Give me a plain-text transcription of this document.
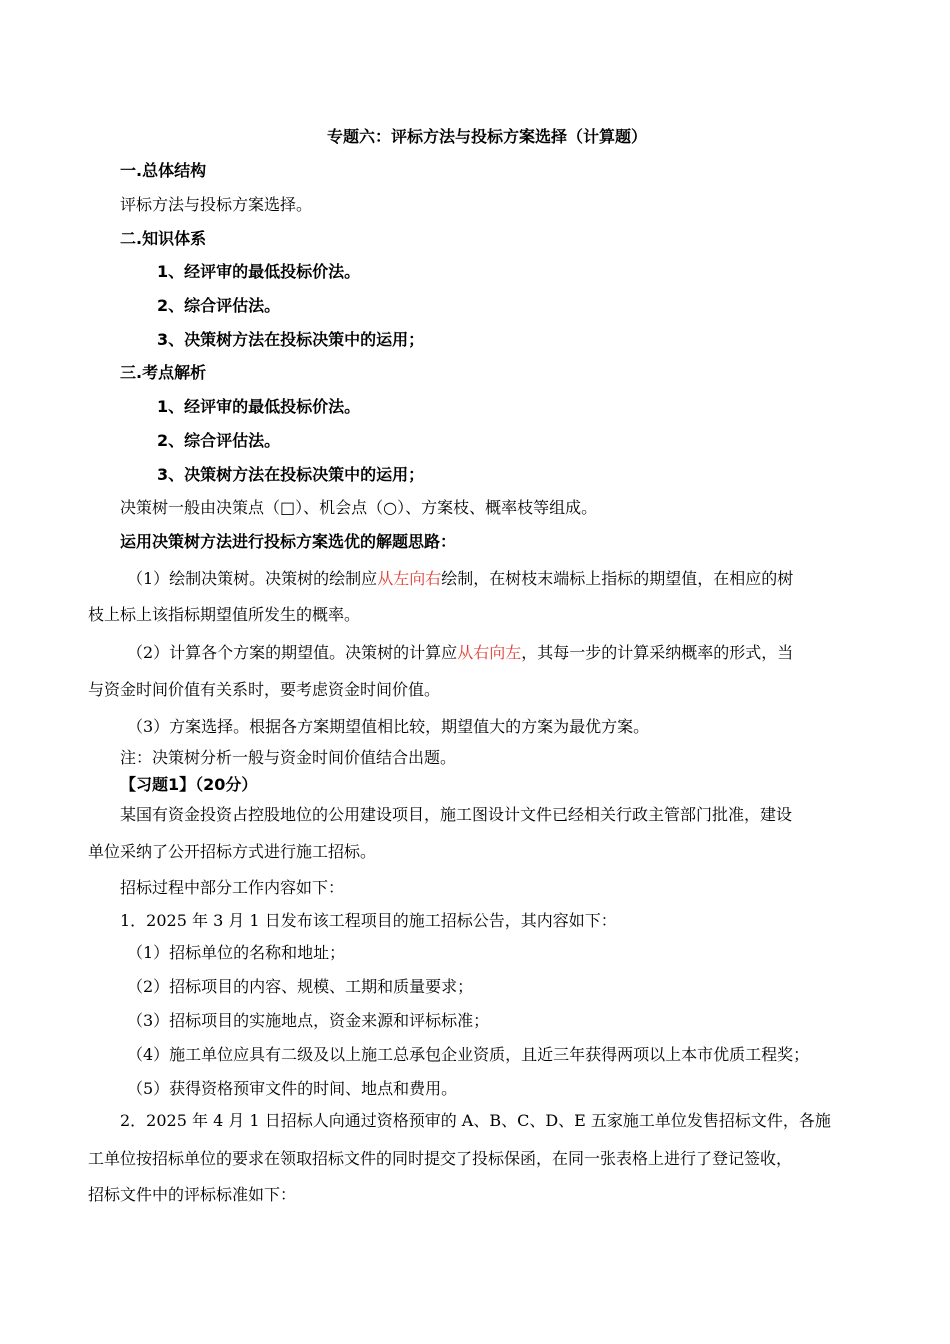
专题六：评标方法与投标方案选择（计算题）
一.总体结构
评标方法与投标方案选择。
二.知识体系
1、经评审的最低投标价法。
2、综合评估法。
3、决策树方法在投标决策中的运用；
三.考点解析
1、经评审的最低投标价法。
2、综合评估法。
3、决策树方法在投标决策中的运用；
决策树一般由决策点（□）、机会点（○）、方案枝、概率枝等组成。
运用决策树方法进行投标方案选优的解题思路：
（1）绘制决策树。决策树的绘制应从左向右绘制，在树枝末端标上指标的期望值，在相应的树
枝上标上该指标期望值所发生的概率。
（2）计算各个方案的期望值。决策树的计算应从右向左，其每一步的计算采纳概率的形式，当
与资金时间价值有关系时，要考虑资金时间价值。
（3）方案选择。根据各方案期望值相比较，期望值大的方案为最优方案。
注：决策树分析一般与资金时间价值结合出题。
【习题1】（20分）
某国有资金投资占控股地位的公用建设项目，施工图设计文件已经相关行政主管部门批准，建设
单位采纳了公开招标方式进行施工招标。
招标过程中部分工作内容如下：
1．2025 年 3 月 1 日发布该工程项目的施工招标公告，其内容如下：
（1）招标单位的名称和地址；
（2）招标项目的内容、规模、工期和质量要求；
（3）招标项目的实施地点，资金来源和评标标准；
（4）施工单位应具有二级及以上施工总承包企业资质，且近三年获得两项以上本市优质工程奖；
（5）获得资格预审文件的时间、地点和费用。
2．2025 年 4 月 1 日招标人向通过资格预审的 A、B、C、D、E 五家施工单位发售招标文件，各施
工单位按招标单位的要求在领取招标文件的同时提交了投标保函，在同一张表格上进行了登记签收，
招标文件中的评标标准如下：
